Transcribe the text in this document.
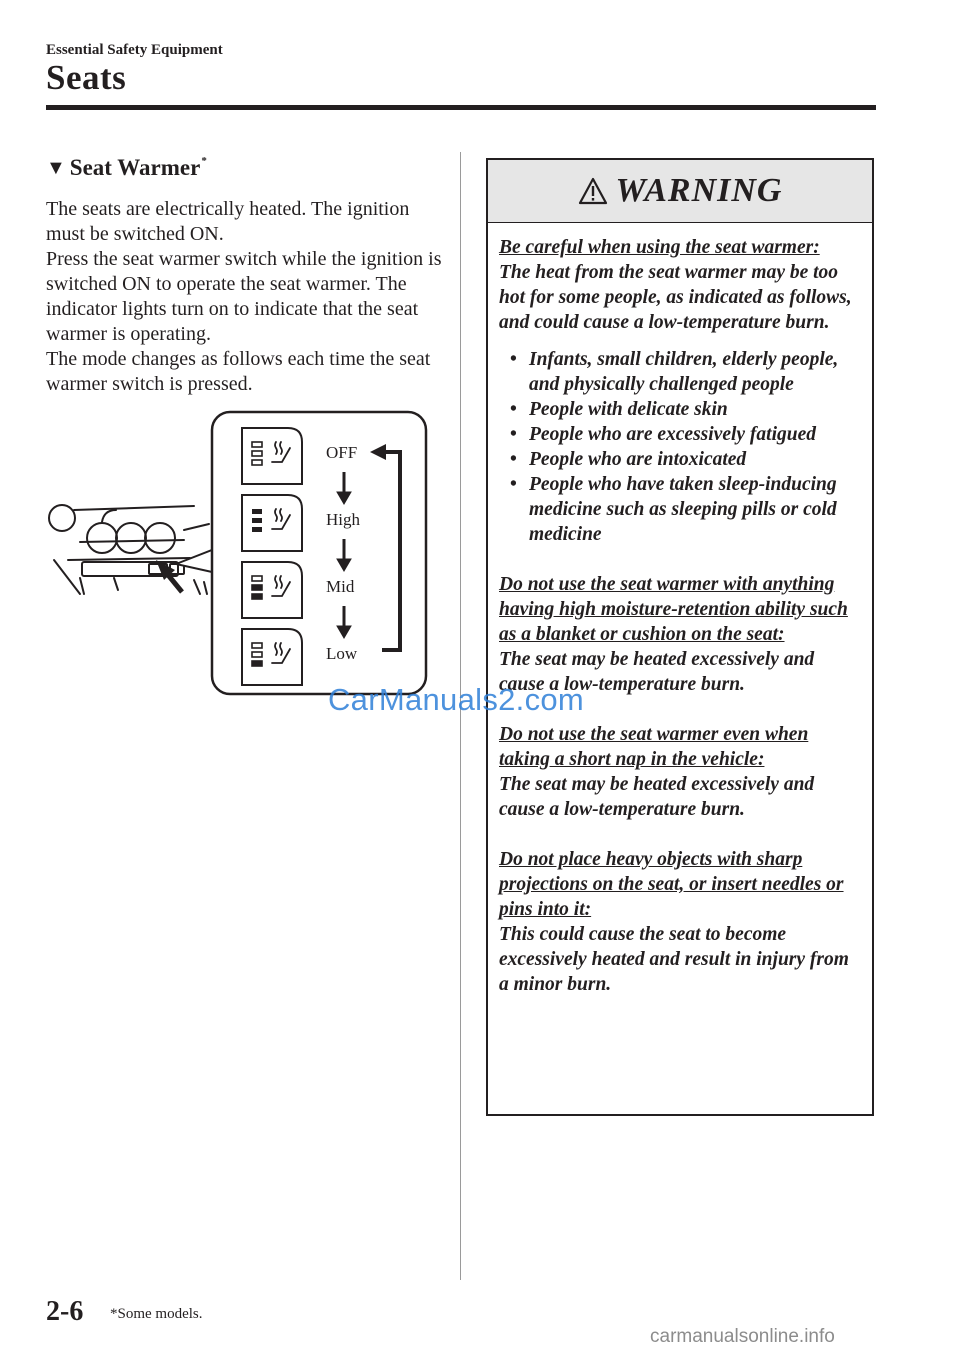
Essential Safety Equipment
Seats
▼ Seat Warmer*

The seats are electrically heated. The ignition must be switched ON.

Press the seat warmer switch while the ignition is switched ON to operate the seat warmer. The indicator lights turn on to indicate that the seat warmer is operating.

The mode changes as follows each time the seat warmer switch is pressed.

OFF
High
Mid
Low
WARNING

Be careful when using the seat warmer:

The heat from the seat warmer may be too hot for some people, as indicated as follows, and could cause a low-temperature burn.

• Infants, small children, elderly people, and physically challenged people
• People with delicate skin
• People who are excessively fatigued
• People who are intoxicated
• People who have taken sleep-inducing medicine such as sleeping pills or cold medicine

Do not use the seat warmer with anything having high moisture-retention ability such as a blanket or cushion on the seat:

The seat may be heated excessively and cause a low-temperature burn.

Do not use the seat warmer even when taking a short nap in the vehicle:

The seat may be heated excessively and cause a low-temperature burn.

Do not place heavy objects with sharp projections on the seat, or insert needles or pins into it:

This could cause the seat to become excessively heated and result in injury from a minor burn.

CarManuals2.com
2-6 *Some models.
carmanualsonline.info
